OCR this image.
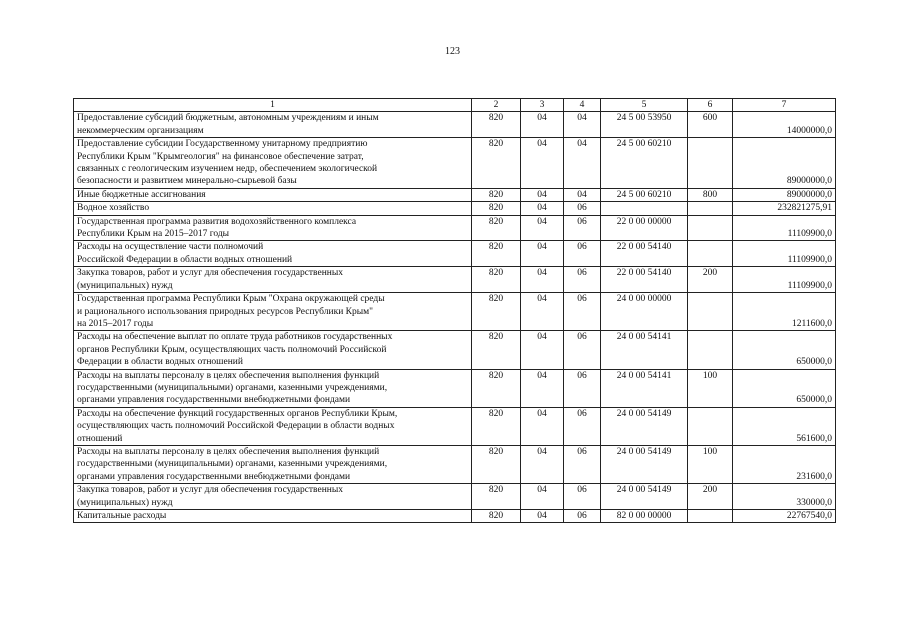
123
1	2	3	4	5	6	7
Предоставление субсидий бюджетным, автономным учреждениям и иным
некоммерческим организациям	820	04	04	24 5 00 53950	600	14000000,0
Предоставление субсидии Государственному унитарному предприятию
Республики Крым "Крымгеология" на финансовое обеспечение затрат,
связанных с геологическим изучением недр, обеспечением экологической
безопасности и развитием минерально-сырьевой базы	820	04	04	24 5 00 60210		89000000,0
Иные бюджетные ассигнования	820	04	04	24 5 00 60210	800	89000000,0
Водное хозяйство	820	04	06			232821275,91
Государственная программа развития водохозяйственного комплекса
Республики Крым на 2015–2017 годы	820	04	06	22 0 00 00000		11109900,0
Расходы на осуществление части полномочий
Российской Федерации в области водных отношений	820	04	06	22 0 00 54140		11109900,0
Закупка товаров, работ и услуг для обеспечения государственных
(муниципальных) нужд	820	04	06	22 0 00 54140	200	11109900,0
Государственная программа Республики Крым "Охрана окружающей среды
и рационального использования природных ресурсов Республики Крым"
на 2015–2017 годы	820	04	06	24 0 00 00000		1211600,0
Расходы на обеспечение выплат по оплате труда работников государственных
органов Республики Крым, осуществляющих часть полномочий Российской
Федерации в области водных отношений	820	04	06	24 0 00 54141		650000,0
Расходы на выплаты персоналу в целях обеспечения выполнения функций
государственными (муниципальными) органами, казенными учреждениями,
органами управления государственными внебюджетными фондами	820	04	06	24 0 00 54141	100	650000,0
Расходы на обеспечение функций государственных органов Республики Крым,
осуществляющих часть полномочий Российской Федерации в области водных
отношений	820	04	06	24 0 00 54149		561600,0
Расходы на выплаты персоналу в целях обеспечения выполнения функций
государственными (муниципальными) органами, казенными учреждениями,
органами управления государственными внебюджетными фондами	820	04	06	24 0 00 54149	100	231600,0
Закупка товаров, работ и услуг для обеспечения государственных
(муниципальных) нужд	820	04	06	24 0 00 54149	200	330000,0
Капитальные расходы	820	04	06	82 0 00 00000		22767540,0
